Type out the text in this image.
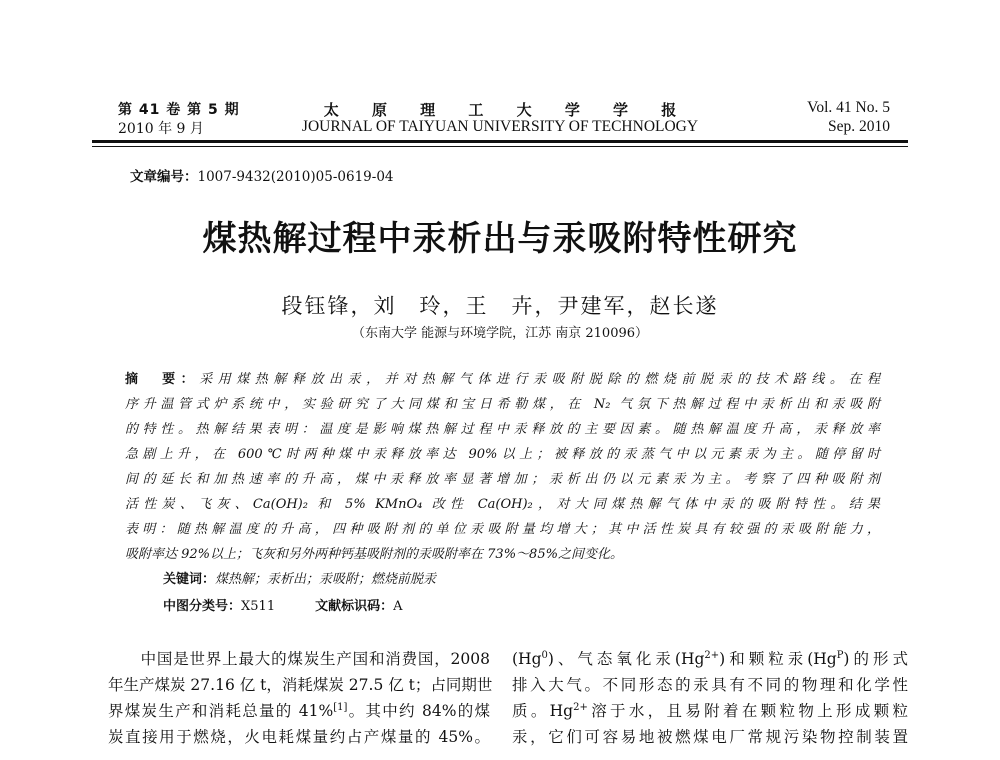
第 41 卷 第 5 期
2010 年 9 月
太 原 理 工 大 学 学 报
JOURNAL OF TAIYUAN UNIVERSITY OF TECHNOLOGY
Vol. 41 No. 5
Sep. 2010
文章编号：1007-9432(2010)05-0619-04
煤热解过程中汞析出与汞吸附特性研究
段钰锋，刘　玲，王　卉，尹建军，赵长遂
（东南大学 能源与环境学院，江苏 南京 210096）
摘　要：采用煤热解释放出汞，并对热解气体进行汞吸附脱除的燃烧前脱汞的技术路线。在程
序升温管式炉系统中，实验研究了大同煤和宝日希勒煤，在 N₂ 气氛下热解过程中汞析出和汞吸附
的特性。热解结果表明：温度是影响煤热解过程中汞释放的主要因素。随热解温度升高，汞释放率
急剧上升，在 600℃时两种煤中汞释放率达 90%以上；被释放的汞蒸气中以元素汞为主。随停留时
间的延长和加热速率的升高，煤中汞释放率显著增加；汞析出仍以元素汞为主。考察了四种吸附剂
活性炭、飞灰、Ca(OH)₂ 和 5% KMnO₄ 改性 Ca(OH)₂，对大同煤热解气体中汞的吸附特性。结果
表明：随热解温度的升高，四种吸附剂的单位汞吸附量均增大；其中活性炭具有较强的汞吸附能力，
吸附率达 92%以上；飞灰和另外两种钙基吸附剂的汞吸附率在 73%～85%之间变化。
关键词：煤热解；汞析出；汞吸附；燃烧前脱汞
中图分类号：X511	文献标识码：A
　　中国是世界上最大的煤炭生产国和消费国，2008
年生产煤炭 27.16 亿 t，消耗煤炭 27.5 亿 t；占同期世
界煤炭生产和消耗总量的 41%[1]。其中约 84%的煤
炭直接用于燃烧，火电耗煤量约占产煤量的 45%。
(Hg$^0$)、气态氧化汞$(Hg^{2+})$和颗粒汞$(Hg^P)$的形式
排入大气。不同形态的汞具有不同的物理和化学性
质。$Hg^{2+}$溶于水，且易附着在颗粒物上形成颗粒
汞，它们可容易地被燃煤电厂常规污染物控制装置
